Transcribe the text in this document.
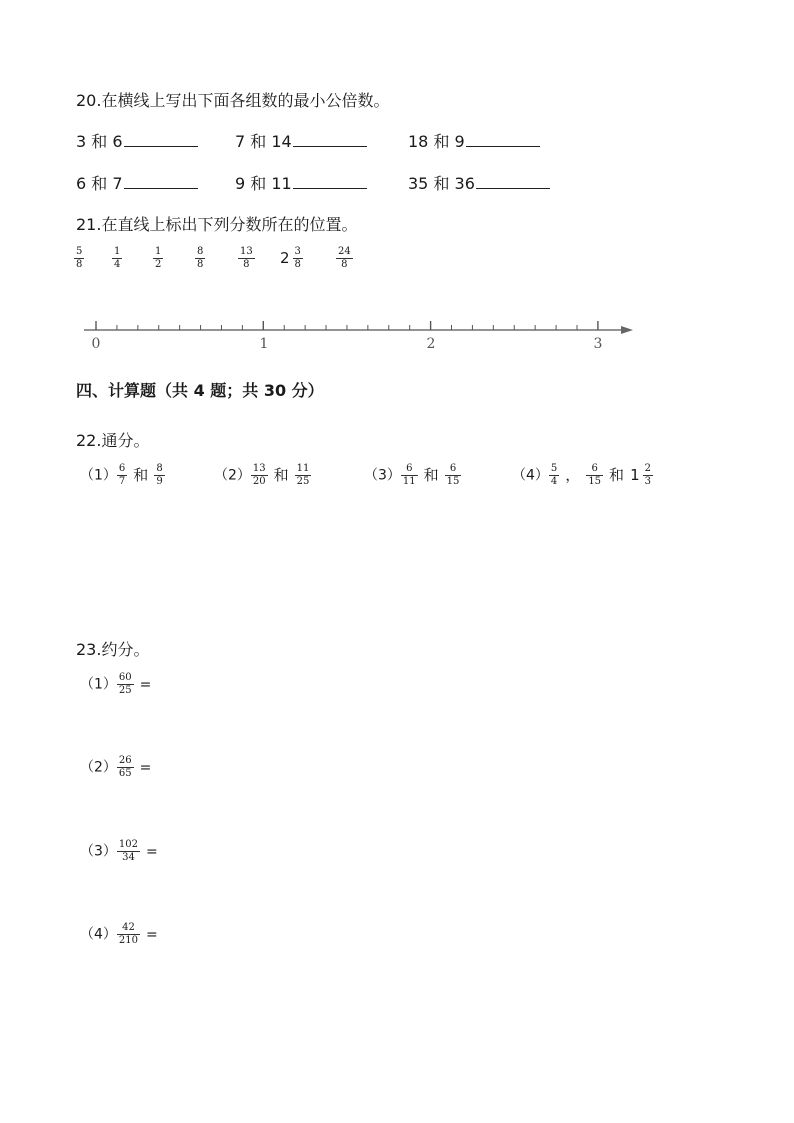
20.在横线上写出下面各组数的最小公倍数。
3 和 6	7 和 14	18 和 9
6 和 7	9 和 11	35 和 36
21.在直线上标出下列分数所在的位置。
$\frac{5}{8}$	$\frac{1}{4}$	$\frac{1}{2}$	$\frac{8}{8}$	$\frac{13}{8} 2 \frac{3}{8}$	$\frac{24}{8}$
0	1	2	3
四、计算题（共 4 题；共 30 分）
22.通分。
$(1) \frac{6}{7}$ 和 $\frac{8}{9}$	$(2) \frac{13}{20}$ 和 $\frac{11}{25}$	$(3) \frac{6}{11}$ 和 $\frac{6}{15}$	$(4) \frac{5}{4}$ ， $\frac{6}{15}$ 和 $1 \frac{2}{3}$
23.约分。
$(1) \frac{60}{25}$ =
$(2) \frac{26}{65}$ =
$(3) \frac{102}{34}$ =
$(4) \frac{42}{210}$ =
